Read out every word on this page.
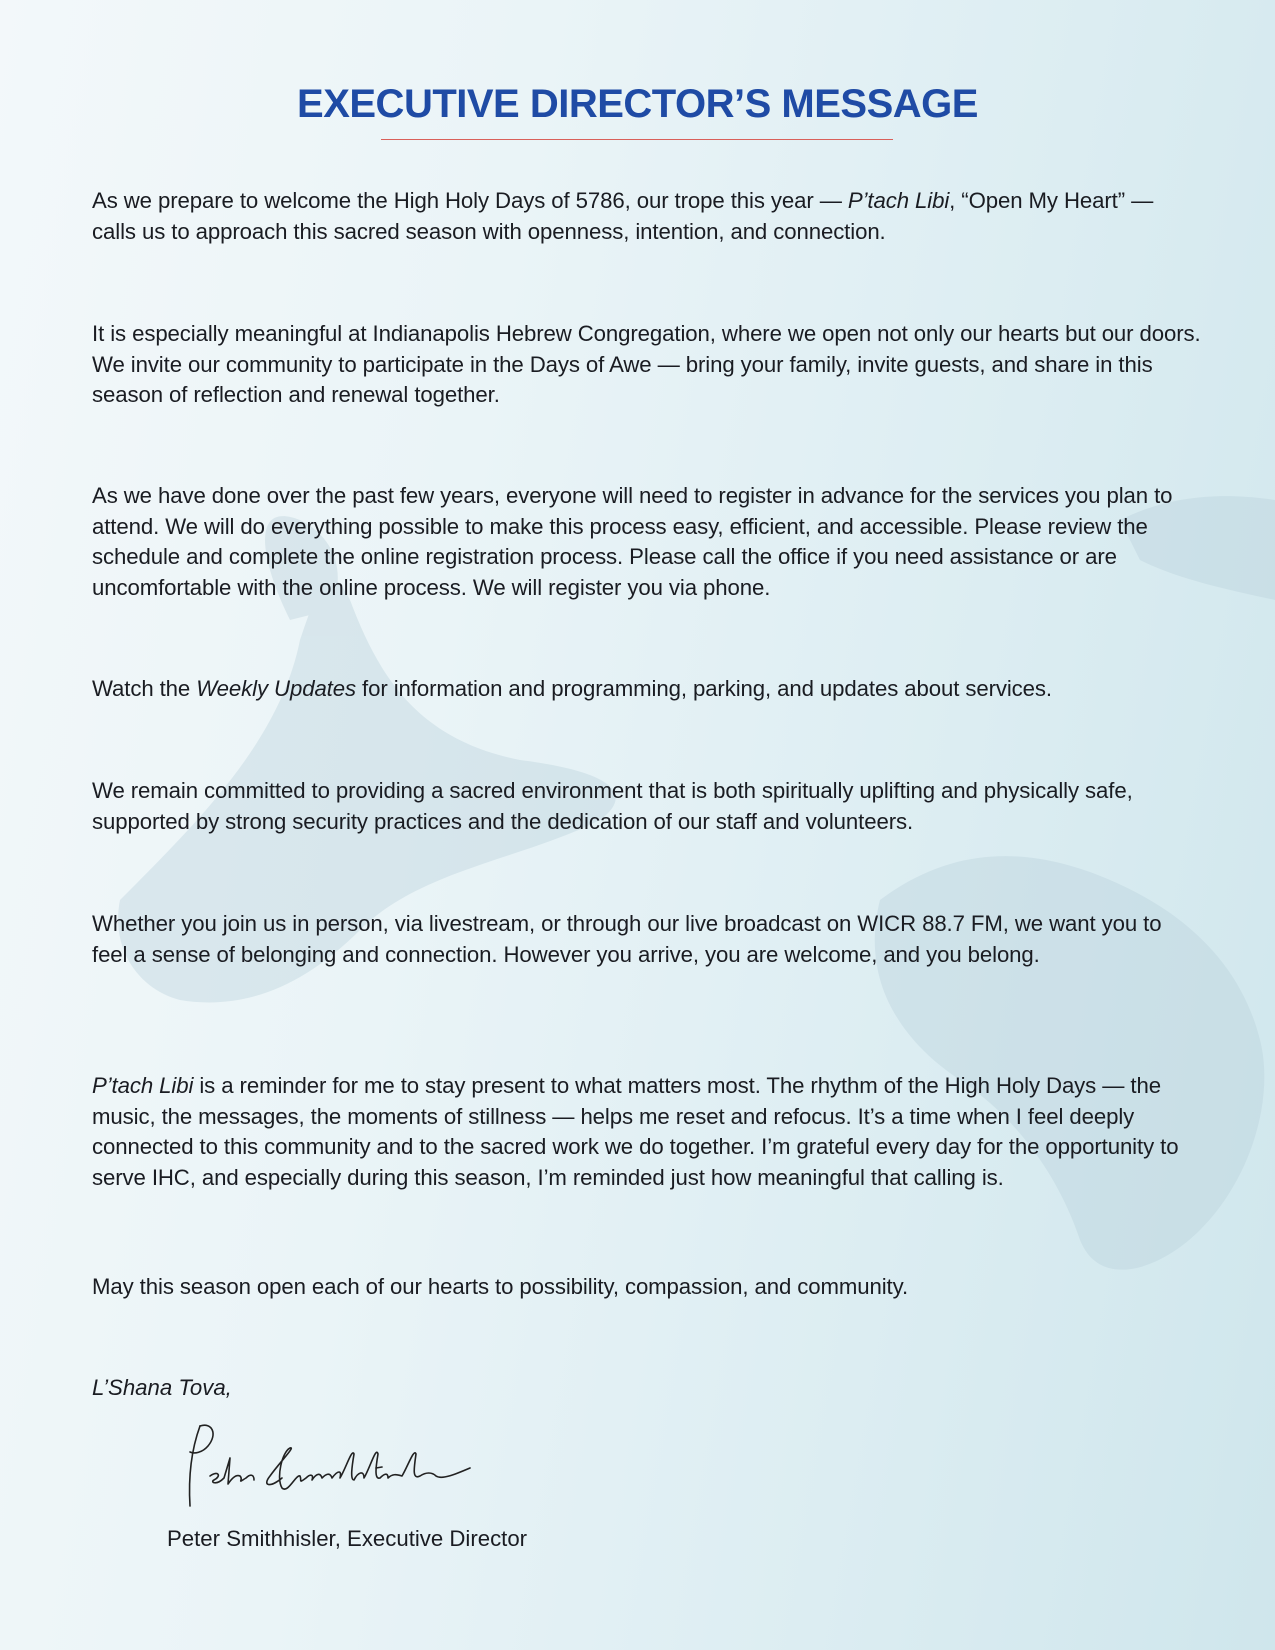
EXECUTIVE DIRECTOR’S MESSAGE

As we prepare to welcome the High Holy Days of 5786, our trope this year — P’tach Libi, “Open My Heart” — calls us to approach this sacred season with openness, intention, and connection.

It is especially meaningful at Indianapolis Hebrew Congregation, where we open not only our hearts but our doors. We invite our community to participate in the Days of Awe — bring your family, invite guests, and share in this season of reflection and renewal together.

As we have done over the past few years, everyone will need to register in advance for the services you plan to attend. We will do everything possible to make this process easy, efficient, and accessible. Please review the schedule and complete the online registration process. Please call the office if you need assistance or are uncomfortable with the online process. We will register you via phone.

Watch the Weekly Updates for information and programming, parking, and updates about services.

We remain committed to providing a sacred environment that is both spiritually uplifting and physically safe, supported by strong security practices and the dedication of our staff and volunteers.

Whether you join us in person, via livestream, or through our live broadcast on WICR 88.7 FM, we want you to feel a sense of belonging and connection. However you arrive, you are welcome, and you belong.

P’tach Libi is a reminder for me to stay present to what matters most. The rhythm of the High Holy Days — the music, the messages, the moments of stillness — helps me reset and refocus. It’s a time when I feel deeply connected to this community and to the sacred work we do together. I’m grateful every day for the opportunity to serve IHC, and especially during this season, I’m reminded just how meaningful that calling is.

May this season open each of our hearts to possibility, compassion, and community.

L’Shana Tova,

Peter Smithhisler, Executive Director
